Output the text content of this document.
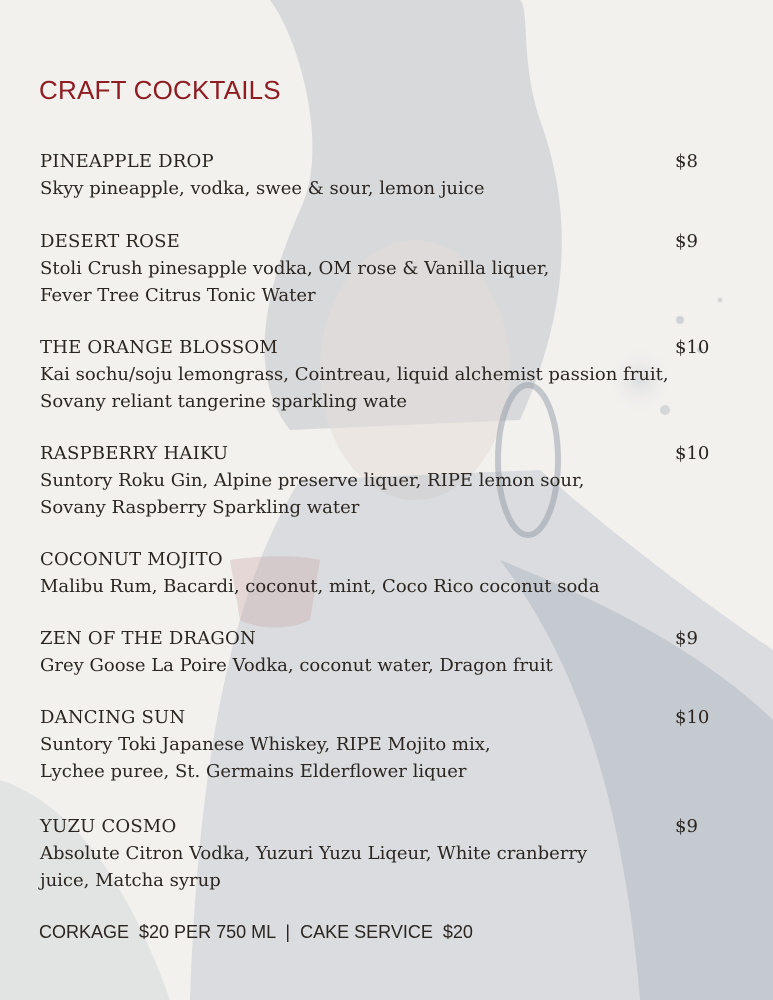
CRAFT COCKTAILS
PINEAPPLE DROP	$8
Skyy pineapple, vodka, swee & sour, lemon juice
DESERT ROSE	$9
Stoli Crush pinesapple vodka, OM rose & Vanilla liquer,
Fever Tree Citrus Tonic Water
THE ORANGE BLOSSOM	$10
Kai sochu/soju lemongrass, Cointreau, liquid alchemist passion fruit,
Sovany reliant tangerine sparkling wate
RASPBERRY HAIKU	$10
Suntory Roku Gin, Alpine preserve liquer, RIPE lemon sour,
Sovany Raspberry Sparkling water
COCONUT MOJITO
Malibu Rum, Bacardi, coconut, mint, Coco Rico coconut soda
ZEN OF THE DRAGON	$9
Grey Goose La Poire Vodka, coconut water, Dragon fruit
DANCING SUN	$10
Suntory Toki Japanese Whiskey, RIPE Mojito mix,
Lychee puree, St. Germains Elderflower liquer
YUZU COSMO	$9
Absolute Citron Vodka, Yuzuri Yuzu Liqeur, White cranberry
juice, Matcha syrup
CORKAGE  $20 PER 750 ML  |  CAKE SERVICE  $20
